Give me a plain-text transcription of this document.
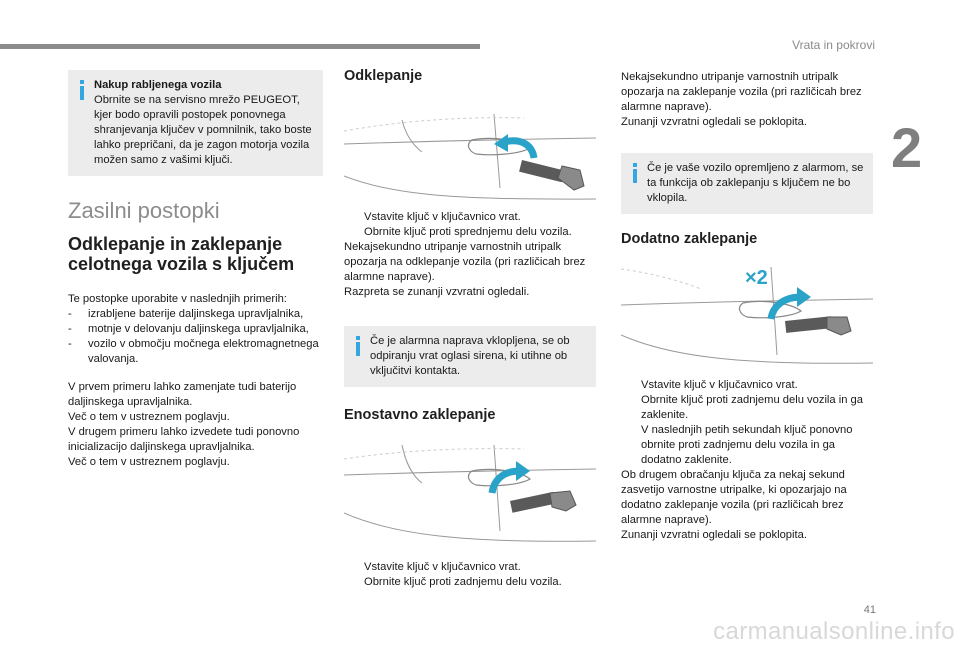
Vrata in pokrovi
2
41
carmanualsonline.info
Nakup rabljenega vozila
Obrnite se na servisno mrežo PEUGEOT, kjer bodo opravili postopek ponovnega shranjevanja ključev v pomnilnik, tako boste lahko prepričani, da je zagon motorja vozila možen samo z vašimi ključi.
Zasilni postopki
Odklepanje in zaklepanje celotnega vozila s ključem
Te postopke uporabite v naslednjih primerih:
-	izrabljene baterije daljinskega upravljalnika,
-	motnje v delovanju daljinskega upravljalnika,
-	vozilo v območju močnega elektromagnetnega valovanja.
V prvem primeru lahko zamenjate tudi baterijo daljinskega upravljalnika.
Več o tem v ustreznem poglavju.
V drugem primeru lahko izvedete tudi ponovno inicializacijo daljinskega upravljalnika.
Več o tem v ustreznem poglavju.
Odklepanje
Vstavite ključ v ključavnico vrat.
Obrnite ključ proti sprednjemu delu vozila.
Nekajsekundno utripanje varnostnih utripalk opozarja na odklepanje vozila (pri različicah brez alarmne naprave).
Razpreta se zunanji vzvratni ogledali.
Če je alarmna naprava vklopljena, se ob odpiranju vrat oglasi sirena, ki utihne ob vključitvi kontakta.
Enostavno zaklepanje
Vstavite ključ v ključavnico vrat.
Obrnite ključ proti zadnjemu delu vozila.
Nekajsekundno utripanje varnostnih utripalk opozarja na zaklepanje vozila (pri različicah brez alarmne naprave).
Zunanji vzvratni ogledali se poklopita.
Če je vaše vozilo opremljeno z alarmom, se ta funkcija ob zaklepanju s ključem ne bo vklopila.
Dodatno zaklepanje
×2
Vstavite ključ v ključavnico vrat.
Obrnite ključ proti zadnjemu delu vozila in ga zaklenite.
V naslednjih petih sekundah ključ ponovno obrnite proti zadnjemu delu vozila in ga dodatno zaklenite.
Ob drugem obračanju ključa za nekaj sekund zasvetijo varnostne utripalke, ki opozarjajo na dodatno zaklepanje vozila (pri različicah brez alarmne naprave).
Zunanji vzvratni ogledali se poklopita.
